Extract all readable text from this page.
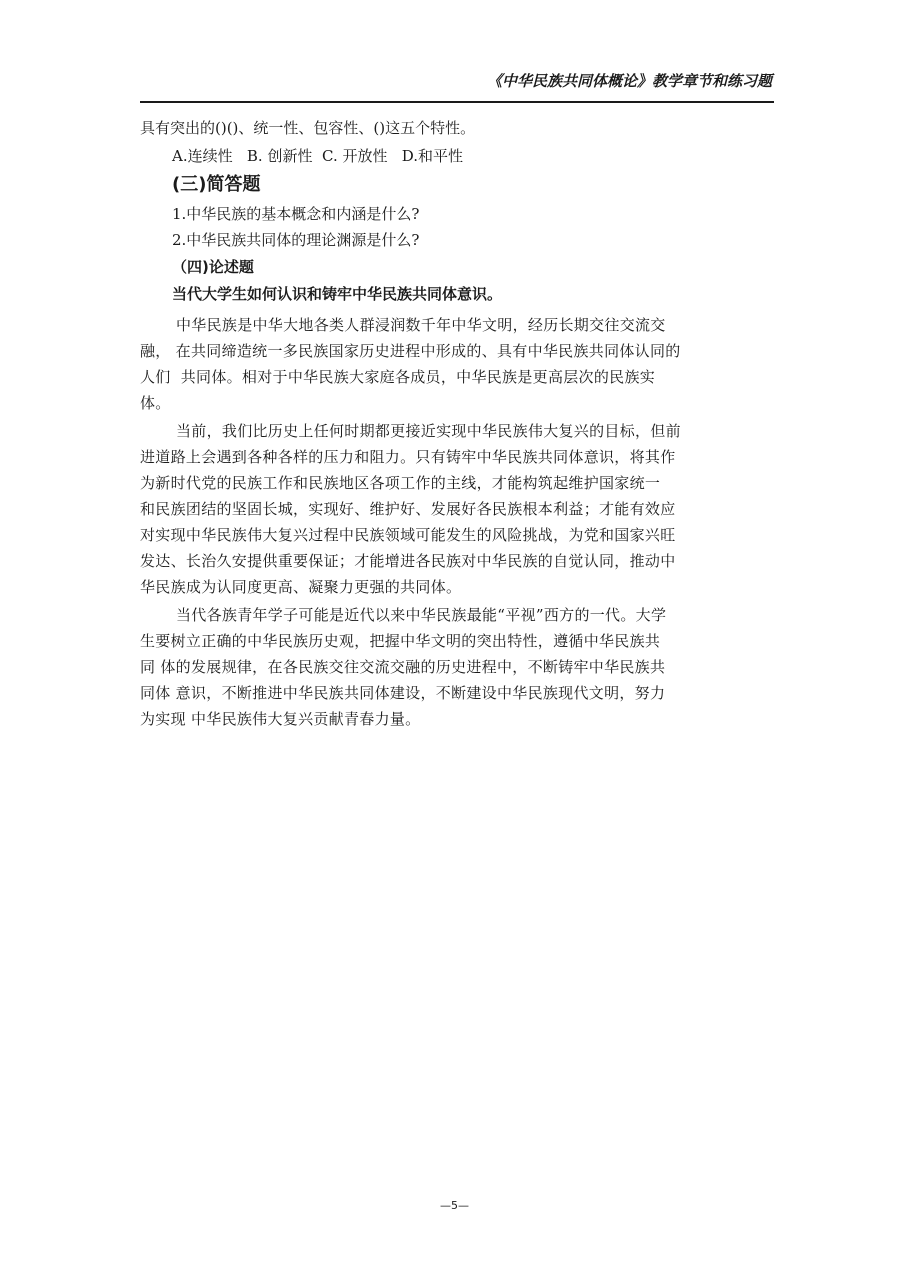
《中华民族共同体概论》教学章节和练习题
具有突出的()()、统一性、包容性、()这五个特性。
A.连续性   B. 创新性  C. 开放性   D.和平性
(三)简答题
1.中华民族的基本概念和内涵是什么?
2.中华民族共同体的理论渊源是什么?
（四)论述题
当代大学生如何认识和铸牢中华民族共同体意识。
中华民族是中华大地各类人群浸润数千年中华文明，经历长期交往交流交
融， 在共同缔造统一多民族国家历史进程中形成的、具有中华民族共同体认同的
人们  共同体。相对于中华民族大家庭各成员，中华民族是更高层次的民族实
体。
当前，我们比历史上任何时期都更接近实现中华民族伟大复兴的目标，但前
进道路上会遇到各种各样的压力和阻力。只有铸牢中华民族共同体意识，将其作
为新时代党的民族工作和民族地区各项工作的主线，才能构筑起维护国家统一
和民族团结的坚固长城，实现好、维护好、发展好各民族根本利益；才能有效应
对实现中华民族伟大复兴过程中民族领域可能发生的风险挑战，为党和国家兴旺
发达、长治久安提供重要保证；才能增进各民族对中华民族的自觉认同，推动中
华民族成为认同度更高、凝聚力更强的共同体。
当代各族青年学子可能是近代以来中华民族最能“平视”西方的一代。大学
生要树立正确的中华民族历史观，把握中华文明的突出特性，遵循中华民族共
同 体的发展规律，在各民族交往交流交融的历史进程中，不断铸牢中华民族共
同体 意识，不断推进中华民族共同体建设，不断建设中华民族现代文明，努力
为实现 中华民族伟大复兴贡献青春力量。
—5—
